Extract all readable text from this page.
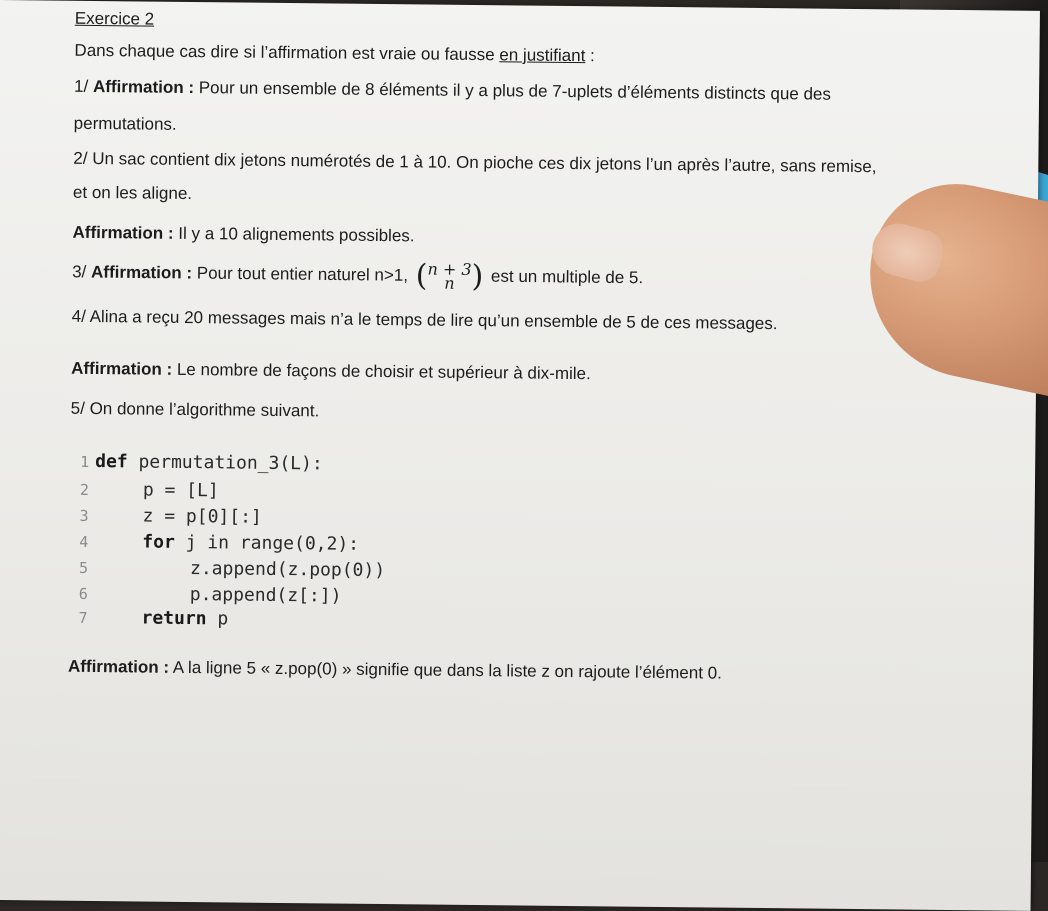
Exercice 2
Dans chaque cas dire si l’affirmation est vraie ou fausse en justifiant :
1/ Affirmation : Pour un ensemble de 8 éléments il y a plus de 7-uplets d’éléments distincts que des
permutations.
2/ Un sac contient dix jetons numérotés de 1 à 10. On pioche ces dix jetons l’un après l’autre, sans remise,
et on les aligne.
Affirmation : Il y a 10 alignements possibles.
3/ Affirmation : Pour tout entier naturel n>1, (n + 3
n ) est un multiple de 5.
4/ Alina a reçu 20 messages mais n’a le temps de lire qu’un ensemble de 5 de ces messages.
Affirmation : Le nombre de façons de choisir et supérieur à dix-mile.
5/ On donne l’algorithme suivant.
1
2
3
4
5
6
7
def permutation_3(L):
p = [L]
z = p[0][:]
for j in range(0,2):
z.append(z.pop(0))
p.append(z[:])
return p
Affirmation : A la ligne 5 « z.pop(0) » signifie que dans la liste z on rajoute l’élément 0.
